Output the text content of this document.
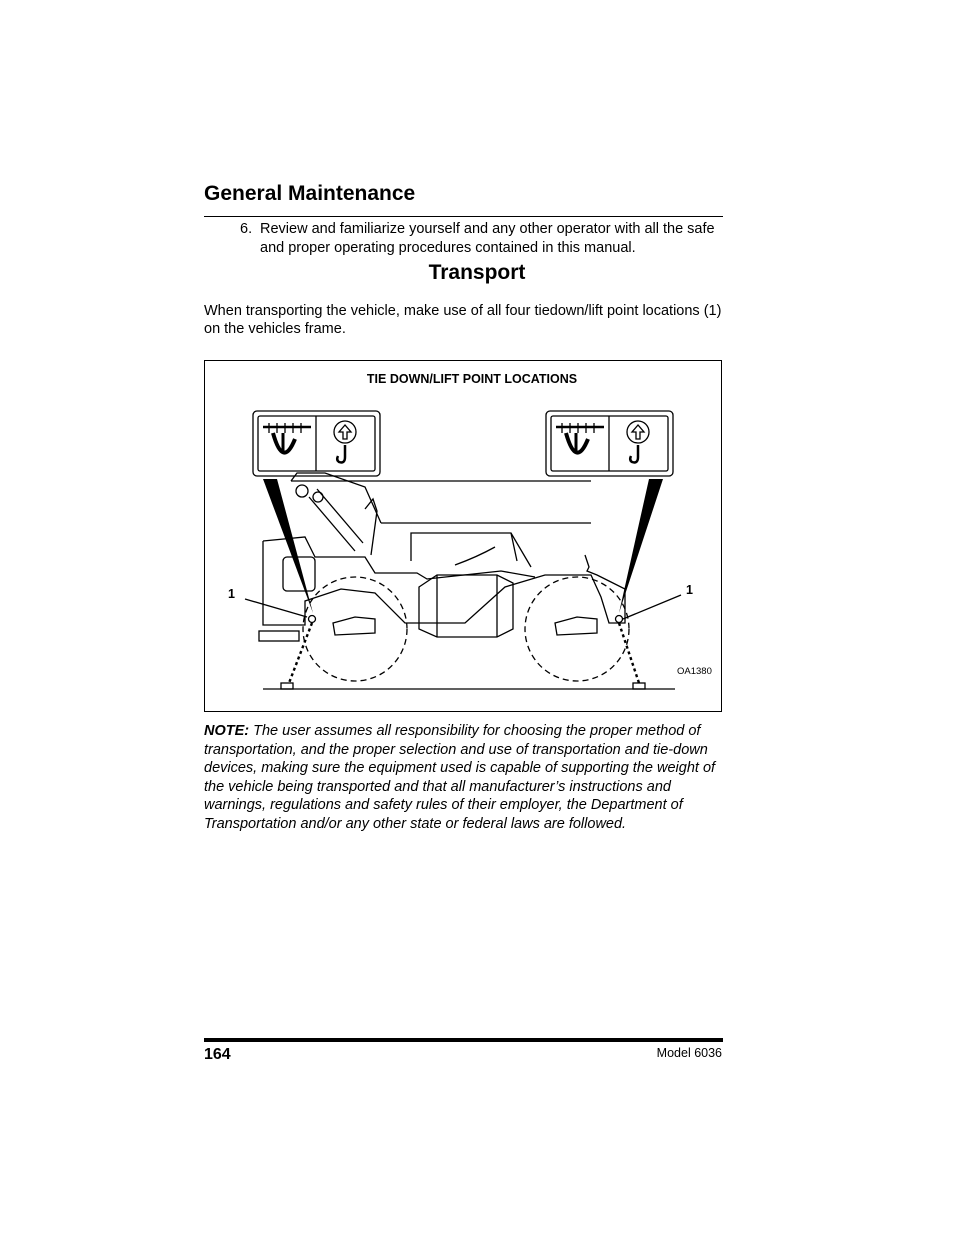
General Maintenance
6. Review and familiarize yourself and any other operator with all the safe and proper operating procedures contained in this manual.
Transport
When transporting the vehicle, make use of all four tiedown/lift point locations (1) on the vehicles frame.
TIE DOWN/LIFT POINT LOCATIONS
1	1
OA1380
NOTE: The user assumes all responsibility for choosing the proper method of transportation, and the proper selection and use of transportation and tie-down devices, making sure the equipment used is capable of supporting the weight of the vehicle being transported and that all manufacturer’s instructions and warnings, regulations and safety rules of their employer, the Department of Transportation and/or any other state or federal laws are followed.
164	Model 6036
